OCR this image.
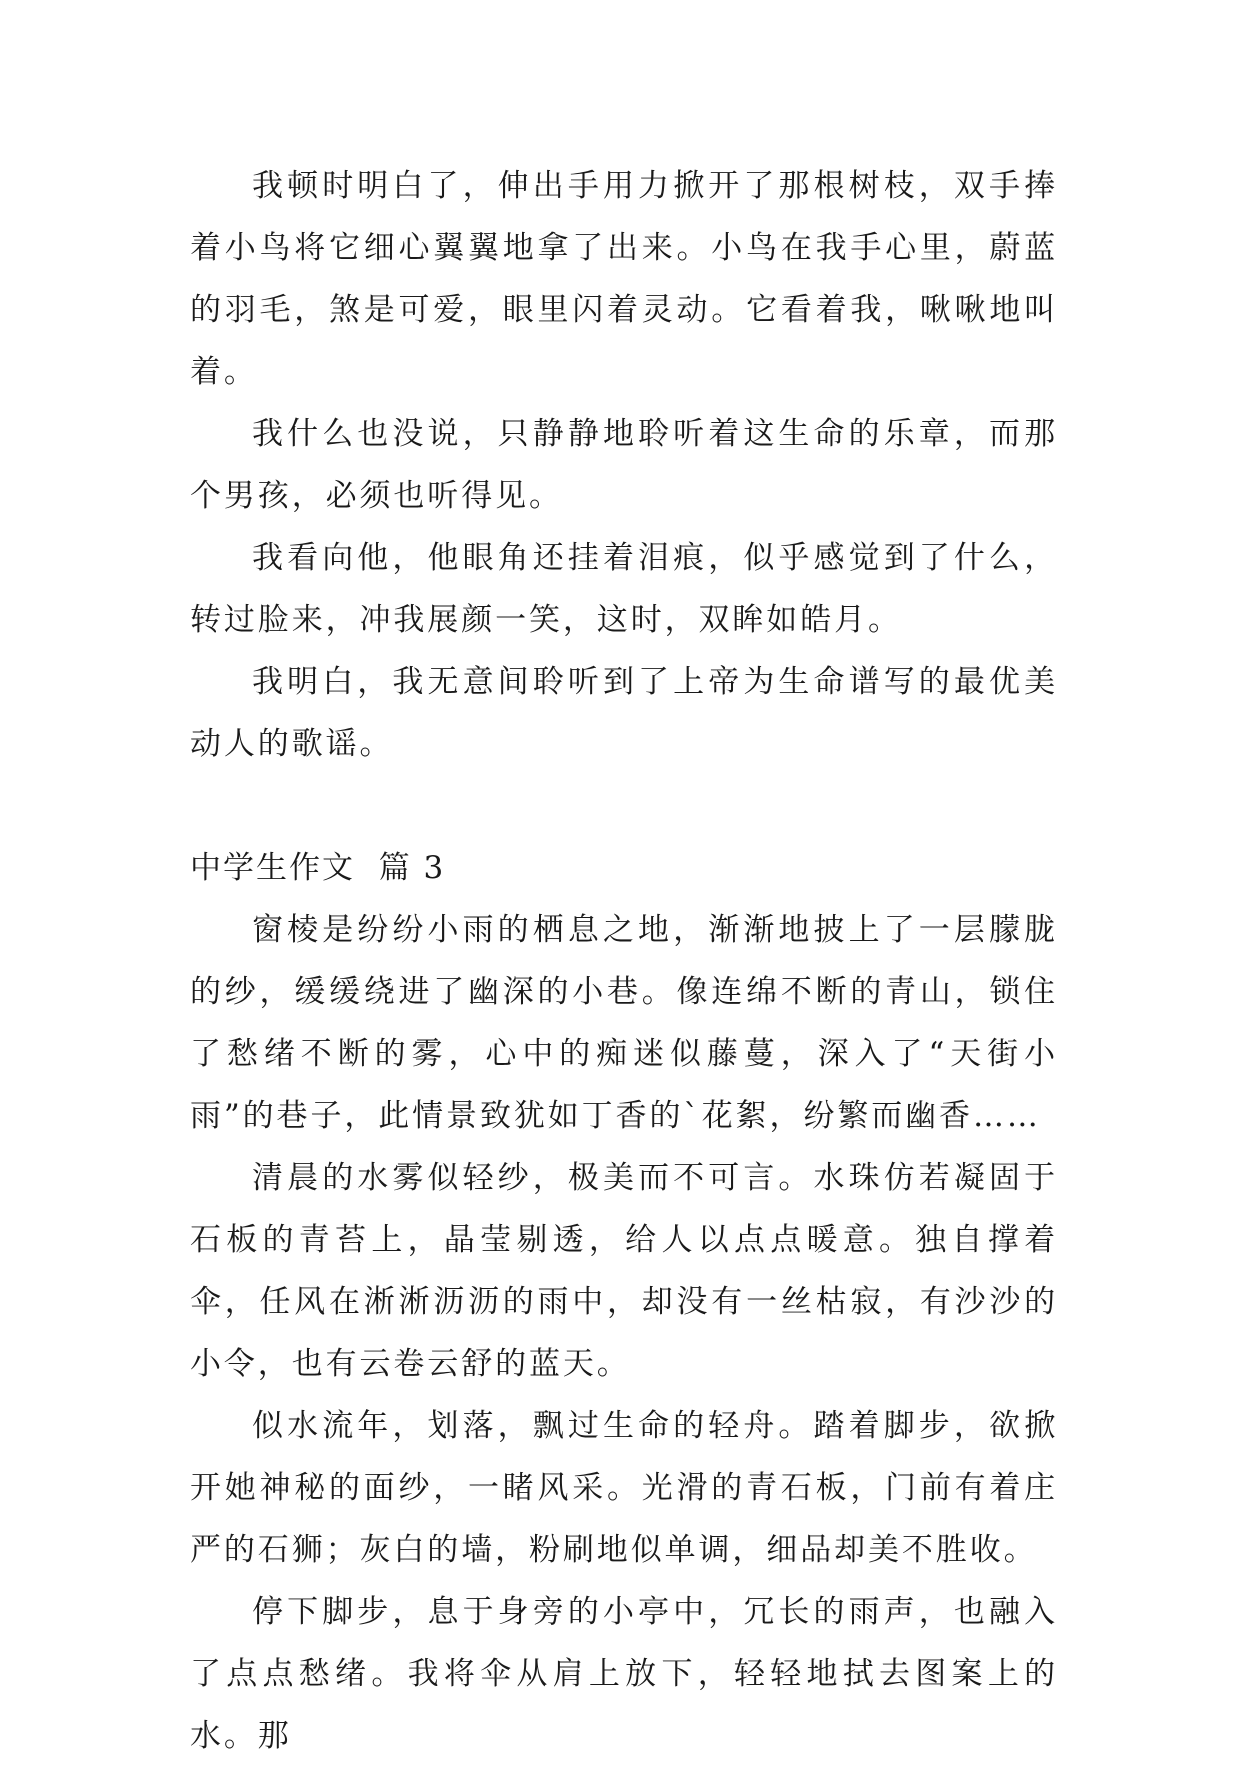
我顿时明白了，伸出手用力掀开了那根树枝，双手捧着小鸟将它细心翼翼地拿了出来。小鸟在我手心里，蔚蓝的羽毛，煞是可爱，眼里闪着灵动。它看着我，啾啾地叫着。

我什么也没说，只静静地聆听着这生命的乐章，而那个男孩，必须也听得见。

我看向他，他眼角还挂着泪痕，似乎感觉到了什么，转过脸来，冲我展颜一笑，这时，双眸如皓月。

我明白，我无意间聆听到了上帝为生命谱写的最优美动人的歌谣。

中学生作文  篇 3

窗棱是纷纷小雨的栖息之地，渐渐地披上了一层朦胧的纱，缓缓绕进了幽深的小巷。像连绵不断的青山，锁住了愁绪不断的雾，心中的痴迷似藤蔓，深入了“天街小雨”的巷子，此情景致犹如丁香的`花絮，纷繁而幽香……

清晨的水雾似轻纱，极美而不可言。水珠仿若凝固于石板的青苔上，晶莹剔透，给人以点点暖意。独自撑着伞，任风在淅淅沥沥的雨中，却没有一丝枯寂，有沙沙的小令，也有云卷云舒的蓝天。

似水流年，划落，飘过生命的轻舟。踏着脚步，欲掀开她神秘的面纱，一睹风采。光滑的青石板，门前有着庄严的石狮；灰白的墙，粉刷地似单调，细品却美不胜收。

停下脚步，息于身旁的小亭中，冗长的雨声，也融入了点点愁绪。我将伞从肩上放下，轻轻地拭去图案上的水。那
